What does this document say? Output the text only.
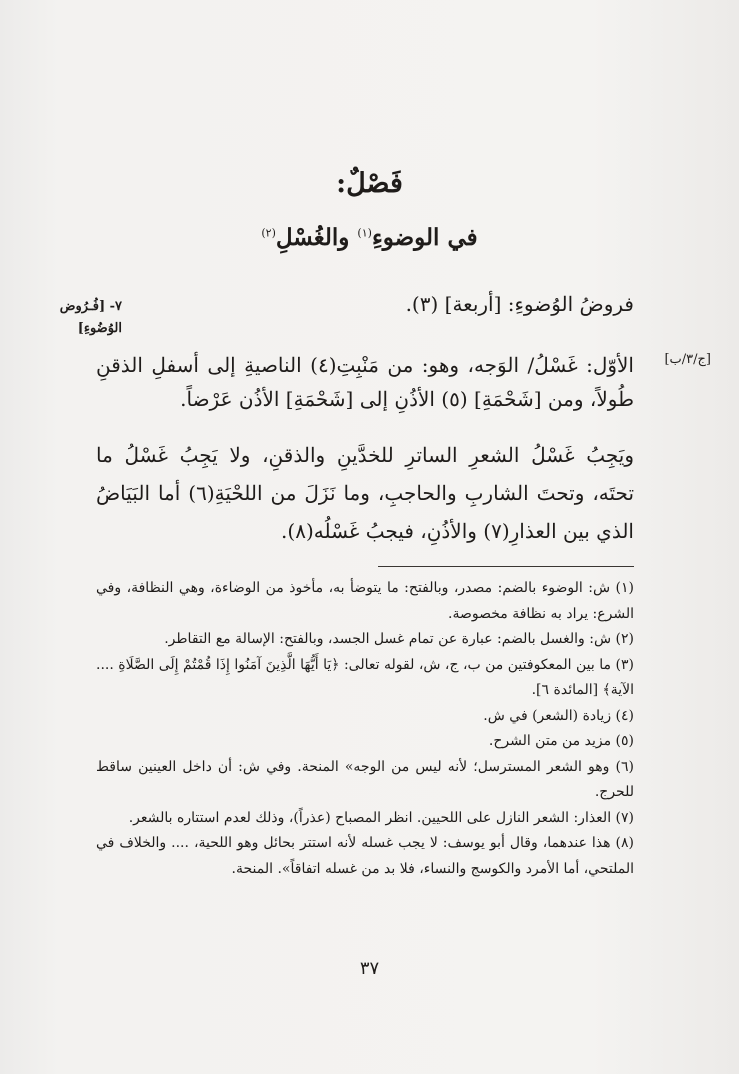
فَصْلٌ:
في الوضوءِ$^{(١)}$ والغُسْلِ$^{(٢)}$
٧- [فُـرُوض
الوُضُوءِ]
[ج/٣/ب]

فروضُ الوُضوءِ: [أربعة] (٣).

الأوّل: غَسْلُ/ الوَجه، وهو: من مَنْبِتِ(٤) الناصيةِ إلى أسفلِ الذقنِ طُولاً، ومن [شَحْمَةِ] (٥) الأذُنِ إلى [شَحْمَةِ] الأذُن عَرْضاً.

ويَجِبُ غَسْلُ الشعرِ الساترِ للخدَّينِ والذقنِ، ولا يَجِبُ غَسْلُ ما تحتَه، وتحتَ الشاربِ والحاجبِ، وما نَزَلَ من اللحْيَةِ(٦) أما البَيَاضُ الذي بين العذارِ(٧) والأذُنِ، فيجبُ غَسْلُه(٨).

(١) ش: الوضوء بالضم: مصدر، وبالفتح: ما يتوضأ به، مأخوذ من الوضاءة، وهي النظافة، وفي الشرع: يراد به نظافة مخصوصة.

(٢) ش: والغسل بالضم: عبارة عن تمام غسل الجسد، وبالفتح: الإسالة مع التقاطر.

(٣) ما بين المعكوفتين من ب، ج، ش، لقوله تعالى: ﴿يَا أَيُّهَا الَّذِينَ آمَنُوا إِذَا قُمْتُمْ إِلَى الصَّلَاةِ .... الآية﴾ [المائدة ٦].

(٤) زيادة (الشعر) في ش.

(٥) مزيد من متن الشرح.

(٦) وهو الشعر المسترسل؛ لأنه ليس من الوجه» المنحة. وفي ش: أن داخل العينين ساقط للحرج.

(٧) العذار: الشعر النازل على اللحيين. انظر المصباح (عذراً)، وذلك لعدم استتاره بالشعر.

(٨) هذا عندهما، وقال أبو يوسف: لا يجب غسله لأنه استتر بحائل وهو اللحية، .... والخلاف في الملتحي، أما الأمرد والكوسج والنساء، فلا بد من غسله اتفاقاً». المنحة.

٣٧
